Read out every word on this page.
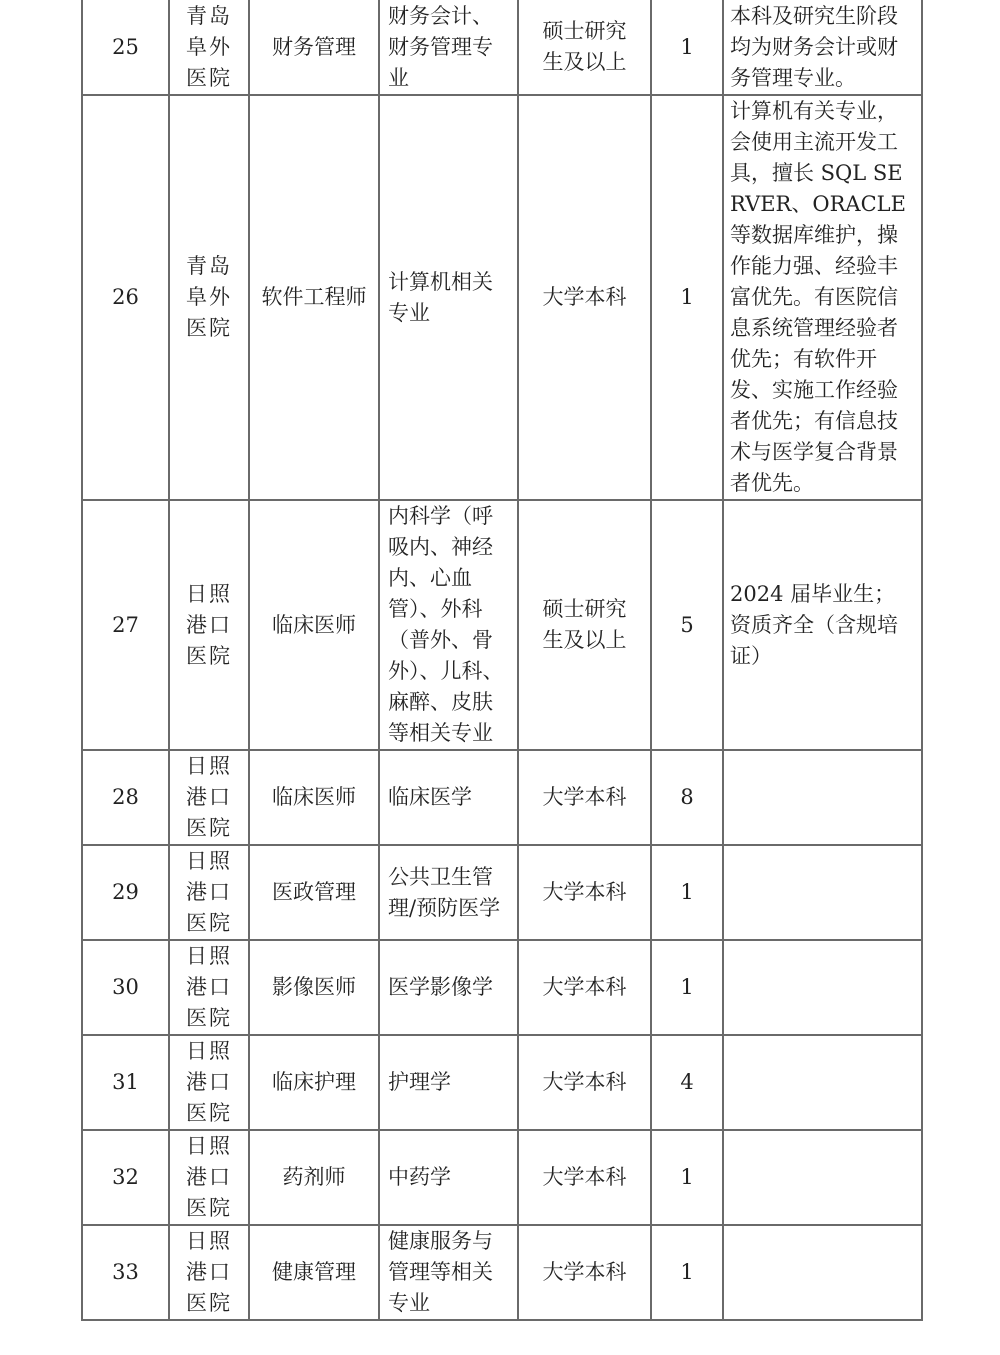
25	青岛
阜外
医院	财务管理	财务会计、财务管理专业	硕士研究生及以上	1	本科及研究生阶段均为财务会计或财务管理专业。
26	青岛
阜外
医院	软件工程师	计算机相关专业	大学本科	1	计算机有关专业，会使用主流开发工具，擅长 SQL SERVER、ORACLE 等数据库维护，操作能力强、经验丰富优先。有医院信息系统管理经验者优先；有软件开发、实施工作经验者优先；有信息技术与医学复合背景者优先。
27	日照
港口
医院	临床医师	内科学（呼吸内、神经内、心血管）、外科（普外、骨外）、儿科、麻醉、皮肤等相关专业	硕士研究生及以上	5	2024 届毕业生；资质齐全（含规培证）
28	日照
港口
医院	临床医师	临床医学	大学本科	8	
29	日照
港口
医院	医政管理	公共卫生管理/预防医学	大学本科	1	
30	日照
港口
医院	影像医师	医学影像学	大学本科	1	
31	日照
港口
医院	临床护理	护理学	大学本科	4	
32	日照
港口
医院	药剂师	中药学	大学本科	1	
33	日照
港口
医院	健康管理	健康服务与管理等相关专业	大学本科	1	
